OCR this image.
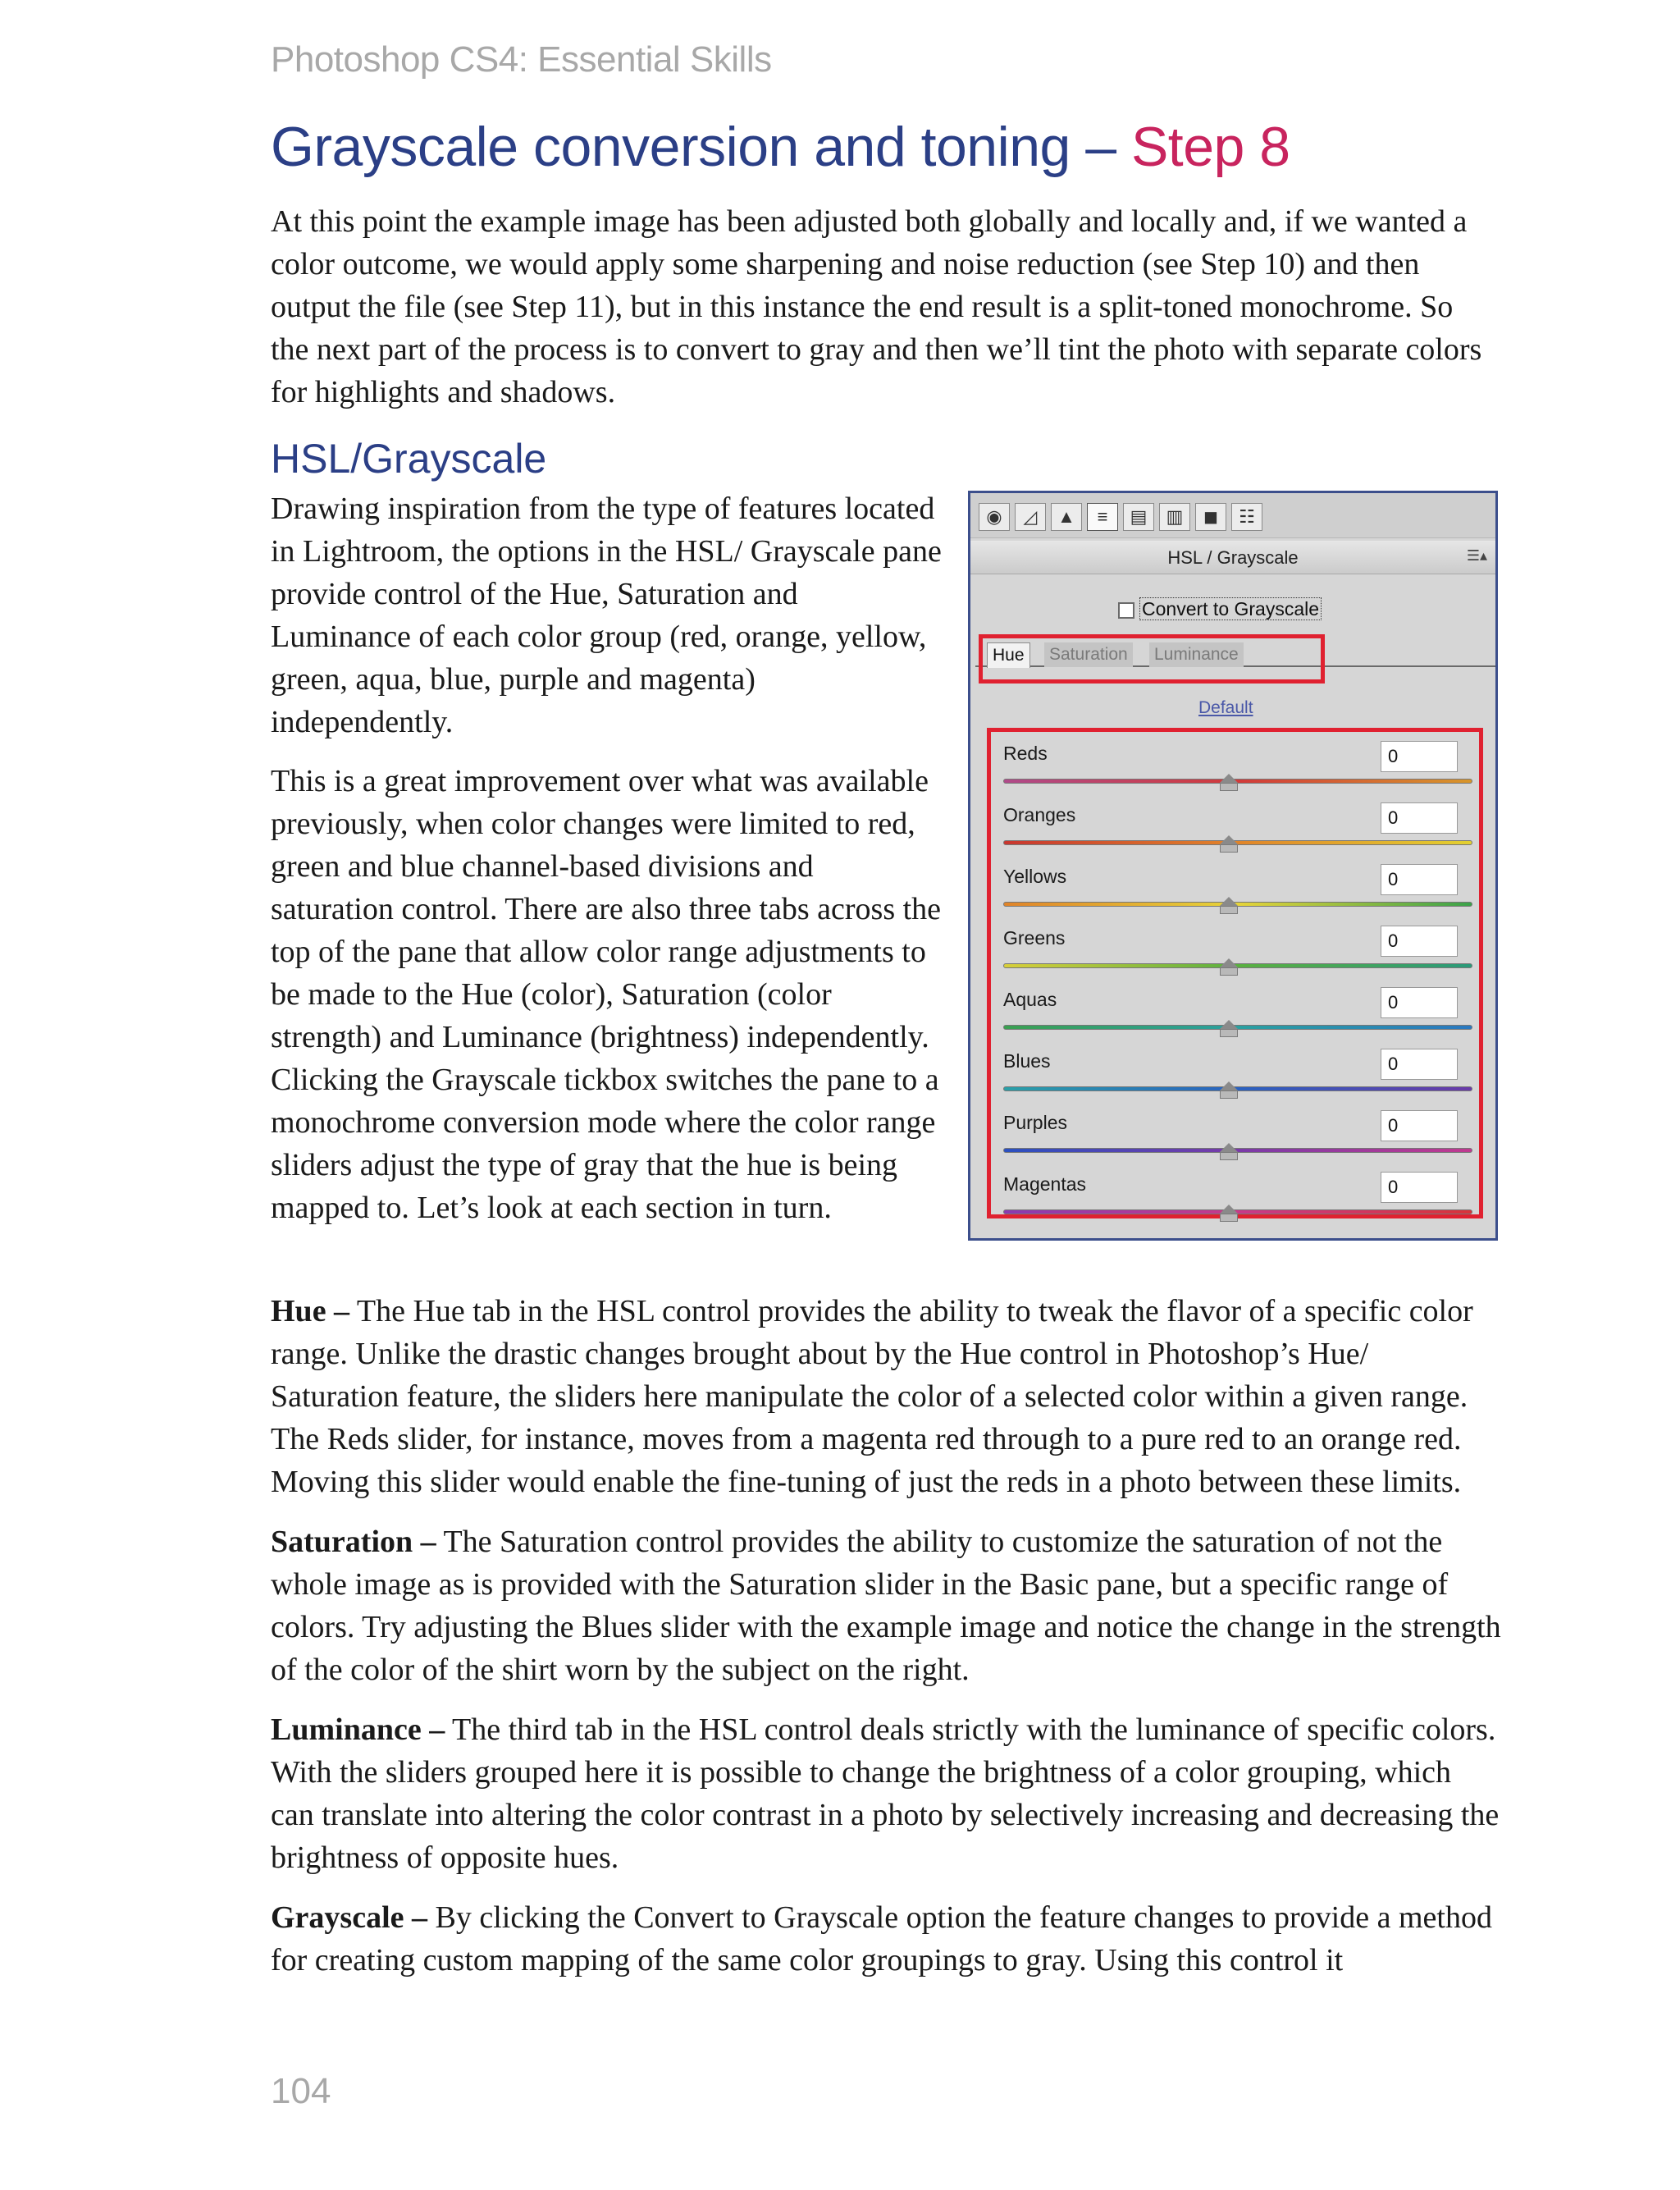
Photoshop CS4: Essential Skills
Grayscale conversion and toning – Step 8

At this point the example image has been adjusted both globally and locally and, if we wanted a color outcome, we would apply some sharpening and noise reduction (see Step 10) and then output the file (see Step 11), but in this instance the end result is a split-toned monochrome. So the next part of the process is to convert to gray and then we’ll tint the photo with separate colors for highlights and shadows.

HSL/Grayscale

Drawing inspiration from the type of features located in Lightroom, the options in the HSL/ Grayscale pane provide control of the Hue, Saturation and Luminance of each color group (red, orange, yellow, green, aqua, blue, purple and magenta) independently.

This is a great improvement over what was available previously, when color changes were limited to red, green and blue channel-based divisions and saturation control. There are also three tabs across the top of the pane that allow color range adjustments to be made to the Hue (color), Saturation (color strength) and Luminance (brightness) independently. Clicking the Grayscale tickbox switches the pane to a monochrome conversion mode where the color range sliders adjust the type of gray that the hue is being mapped to. Let’s look at each section in turn.

◉	◿	▲	≡	▤	▥	◼	☷
HSL / Grayscale	☰▴
Convert to Grayscale
Hue	Saturation Luminance
Default
Reds	0
Oranges	0
Yellows	0
Greens	0
Aquas	0
Blues	0
Purples	0
Magentas	0

Hue – The Hue tab in the HSL control provides the ability to tweak the flavor of a specific color range. Unlike the drastic changes brought about by the Hue control in Photoshop’s Hue/ Saturation feature, the sliders here manipulate the color of a selected color within a given range. The Reds slider, for instance, moves from a magenta red through to a pure red to an orange red. Moving this slider would enable the fine-tuning of just the reds in a photo between these limits.

Saturation – The Saturation control provides the ability to customize the saturation of not the whole image as is provided with the Saturation slider in the Basic pane, but a specific range of colors. Try adjusting the Blues slider with the example image and notice the change in the strength of the color of the shirt worn by the subject on the right.

Luminance – The third tab in the HSL control deals strictly with the luminance of specific colors. With the sliders grouped here it is possible to change the brightness of a color grouping, which can translate into altering the color contrast in a photo by selectively increasing and decreasing the brightness of opposite hues.

Grayscale – By clicking the Convert to Grayscale option the feature changes to provide a method for creating custom mapping of the same color groupings to gray. Using this control it

104
